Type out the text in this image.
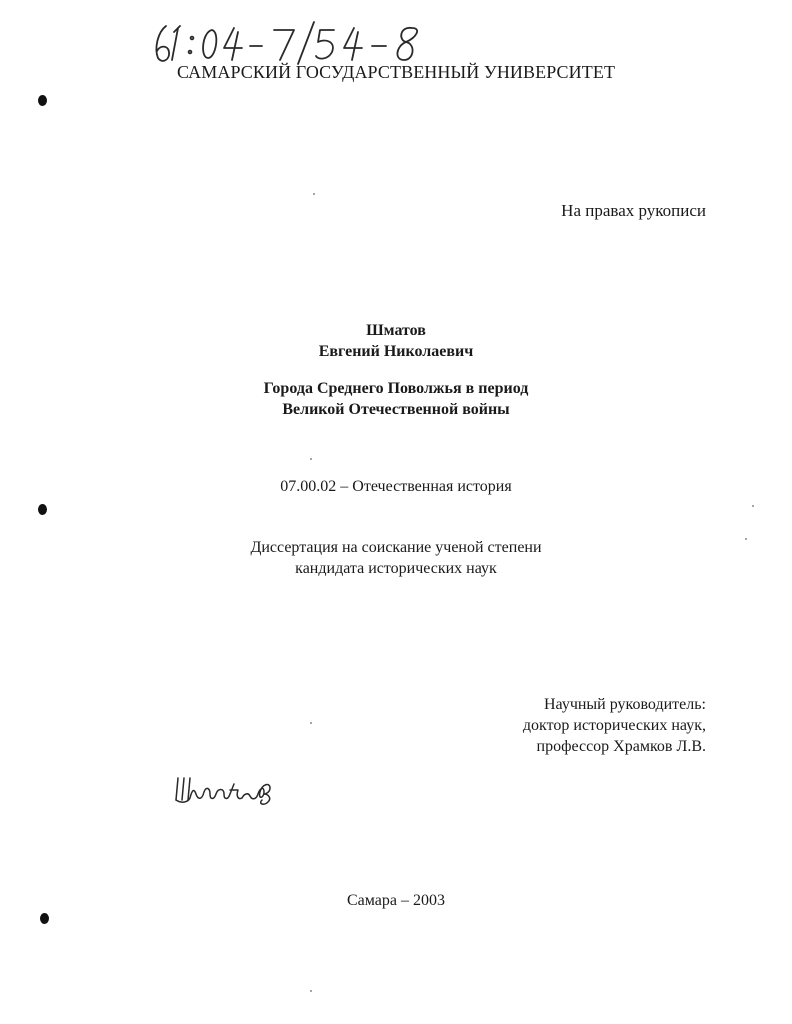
САМАРСКИЙ ГОСУДАРСТВЕННЫЙ УНИВЕРСИТЕТ
На правах рукописи
Шматов
Евгений Николаевич
Города Среднего Поволжья в период
Великой Отечественной войны
07.00.02 – Отечественная история
Диссертация на соискание ученой степени
кандидата исторических наук
Научный руководитель:
доктор исторических наук,
профессор Храмков Л.В.
Самара – 2003
